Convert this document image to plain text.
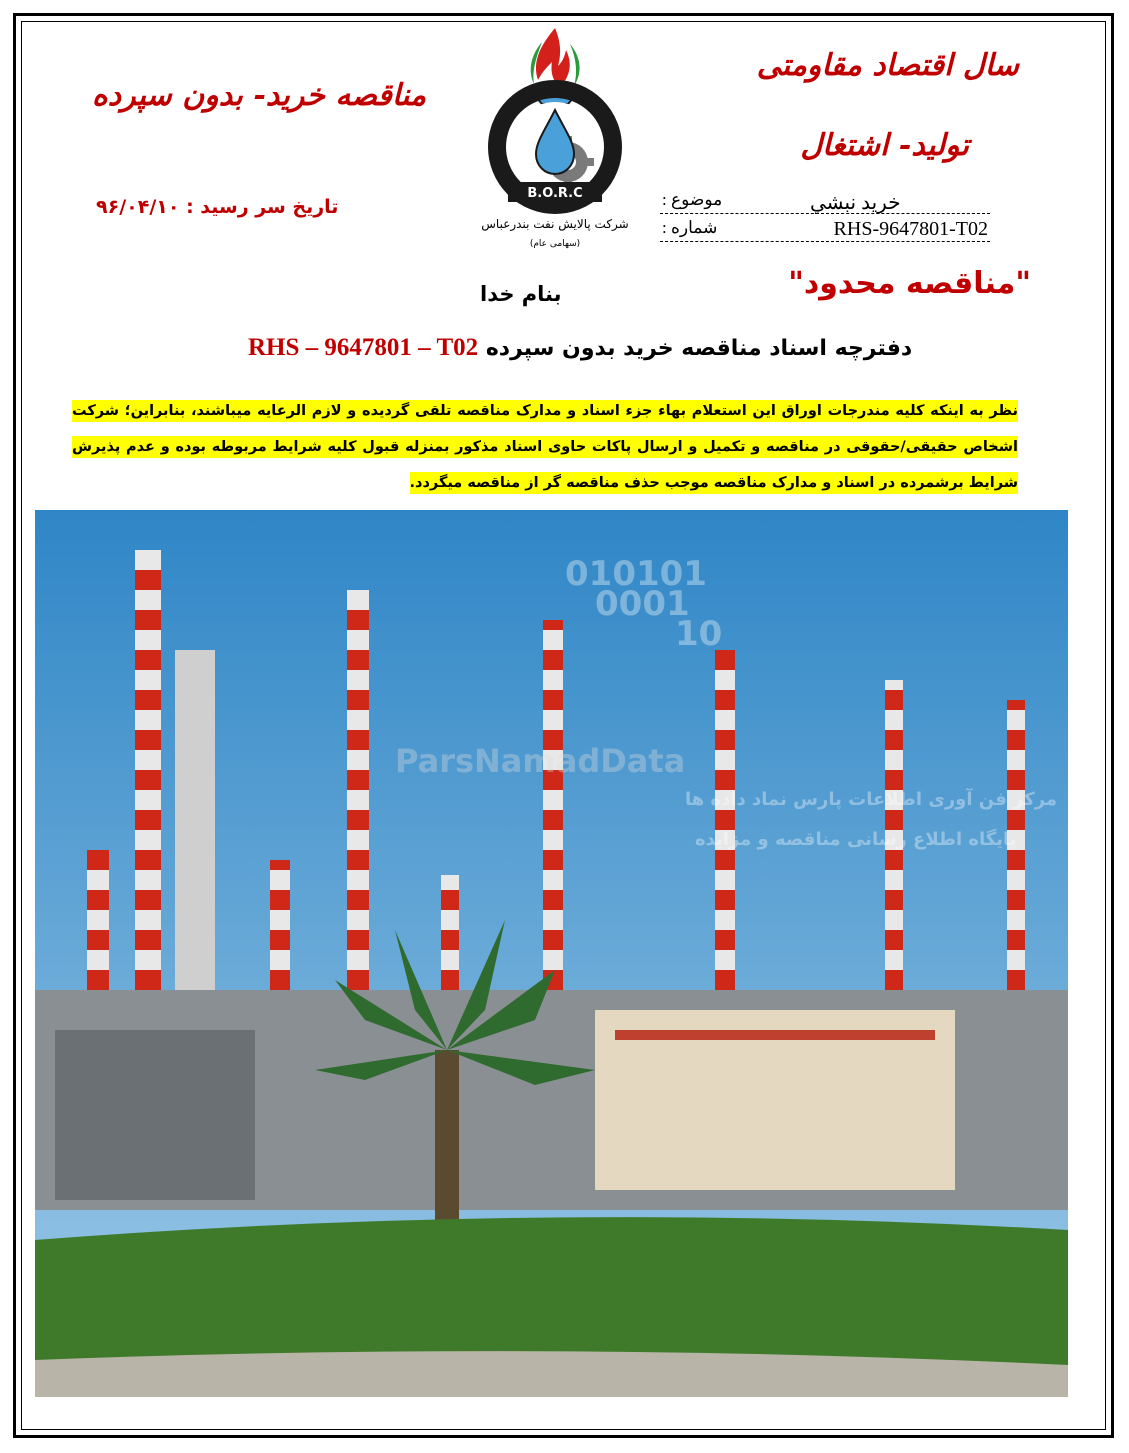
سال اقتصاد مقاومتی
تولید- اشتغال
مناقصه خرید- بدون سپرده
تاریخ سر رسید : ۹۶/۰۴/۱۰
B.O.R.C
شرکت پالایش نفت بندرعباس
(سهامی عام)
خريد نبشي
موضوع :
شماره :	RHS-9647801-T02
"مناقصه محدود"
بنام خدا
RHS – 9647801 – T02 دفترچه اسناد مناقصه خرید بدون سپرده
نظر به اینکه کلیه مندرجات اوراق این استعلام بهاء جزء اسناد و مدارک مناقصه تلقی گردیده و لازم الرعایه میباشند، بنابراین؛ شرکت اشخاص حقیقی/حقوقی در مناقصه و تکمیل و ارسال پاکات حاوی اسناد مذکور بمنزله قبول کلیه شرایط مربوطه بوده و عدم پذیرش شرایط برشمرده در اسناد و مدارک مناقصه موجب حذف مناقصه گر از مناقصه میگردد.
010101
0001
10
ParsNamadData
مرکز فن آوری اطلاعات پارس نماد داده ها
پایگاه اطلاع رسانی مناقصه و مزایده
